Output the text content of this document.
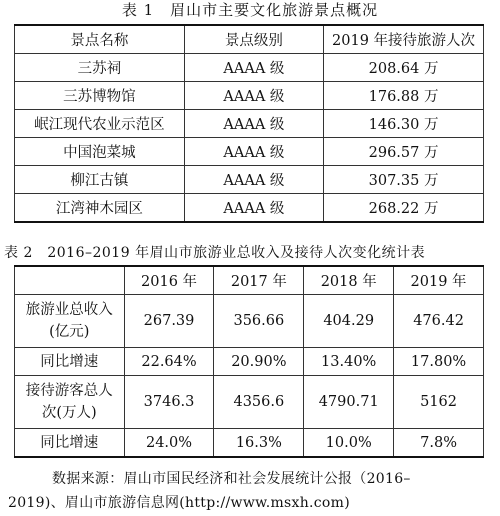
表 1　眉山市主要文化旅游景点概况
景点名称	景点级别	2019 年接待旅游人次
三苏祠	AAAA 级	208.64 万
三苏博物馆	AAAA 级	176.88 万
岷江现代农业示范区	AAAA 级	146.30 万
中国泡菜城	AAAA 级	296.57 万
柳江古镇	AAAA 级	307.35 万
江湾神木园区	AAAA 级	268.22 万
表 2　2016–2019 年眉山市旅游业总收入及接待人次变化统计表
	2016 年	2017 年	2018 年	2019 年
旅游业总收入(亿元)	267.39	356.66	404.29	476.42
同比增速	22.64%	20.90%	13.40%	17.80%
接待游客总人次(万人)	3746.3	4356.6	4790.71	5162
同比增速	24.0%	16.3%	10.0%	7.8%
数据来源：眉山市国民经济和社会发展统计公报（2016–
2019)、眉山市旅游信息网(http://www.msxh.com)
